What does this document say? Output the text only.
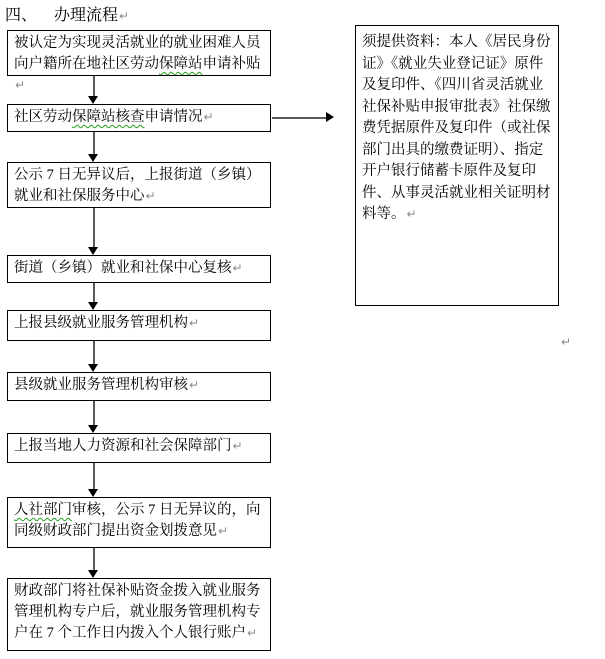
四、 办理流程↵
被认定为实现灵活就业的就业困难人员向户籍所在地社区劳动保障站申请补贴↵
社区劳动保障站核查申请情况↵
公示 7 日无异议后，上报街道（乡镇）就业和社保服务中心↵
街道（乡镇）就业和社保中心复核↵
上报县级就业服务管理机构↵
县级就业服务管理机构审核↵
上报当地人力资源和社会保障部门↵
人社部门审核，公示 7 日无异议的，向同级财政部门提出资金划拨意见↵
财政部门将社保补贴资金拨入就业服务管理机构专户后，就业服务管理机构专户在 7 个工作日内拨入个人银行账户↵
须提供资料：本人《居民身份证》《就业失业登记证》原件及复印件、《四川省灵活就业社保补贴申报审批表》社保缴费凭据原件及复印件（或社保部门出具的缴费证明）、指定开户银行储蓄卡原件及复印件、从事灵活就业相关证明材料等。↵
↵
